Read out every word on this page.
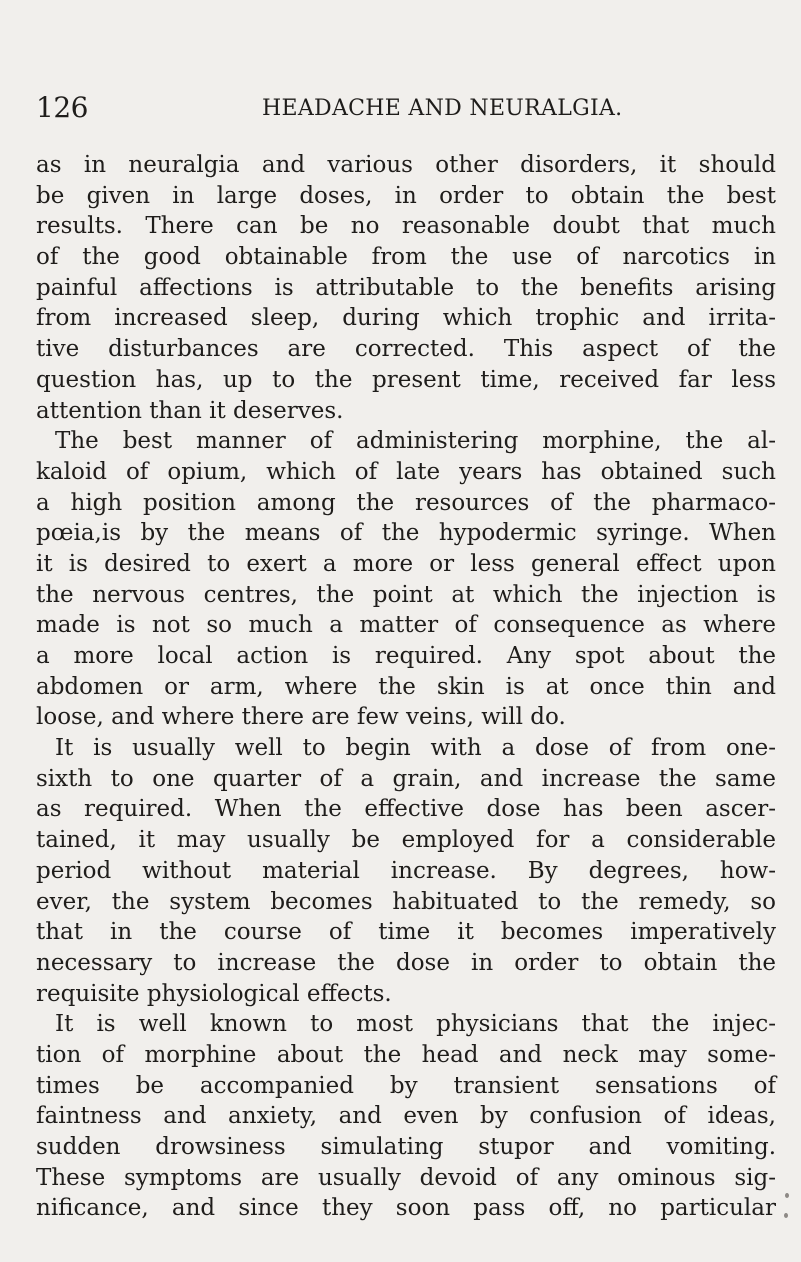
126	HEADACHE AND NEURALGIA.
as in neuralgia and various other disorders, it should
be given in large doses, in order to obtain the best
results. There can be no reasonable doubt that much
of the good obtainable from the use of narcotics in
painful affections is attributable to the benefits arising
from increased sleep, during which trophic and irrita-
tive disturbances are corrected. This aspect of the
question has, up to the present time, received far less
attention than it deserves.
The best manner of administering morphine, the al-
kaloid of opium, which of late years has obtained such
a high position among the resources of the pharmaco-
pœia,is by the means of the hypodermic syringe. When
it is desired to exert a more or less general effect upon
the nervous centres, the point at which the injection is
made is not so much a matter of consequence as where
a more local action is required. Any spot about the
abdomen or arm, where the skin is at once thin and
loose, and where there are few veins, will do.
It is usually well to begin with a dose of from one-
sixth to one quarter of a grain, and increase the same
as required. When the effective dose has been ascer-
tained, it may usually be employed for a considerable
period without material increase. By degrees, how-
ever, the system becomes habituated to the remedy, so
that in the course of time it becomes imperatively
necessary to increase the dose in order to obtain the
requisite physiological effects.
It is well known to most physicians that the injec-
tion of morphine about the head and neck may some-
times be accompanied by transient sensations of
faintness and anxiety, and even by confusion of ideas,
sudden drowsiness simulating stupor and vomiting.
These symptoms are usually devoid of any ominous sig-
nificance, and since they soon pass off, no particular
